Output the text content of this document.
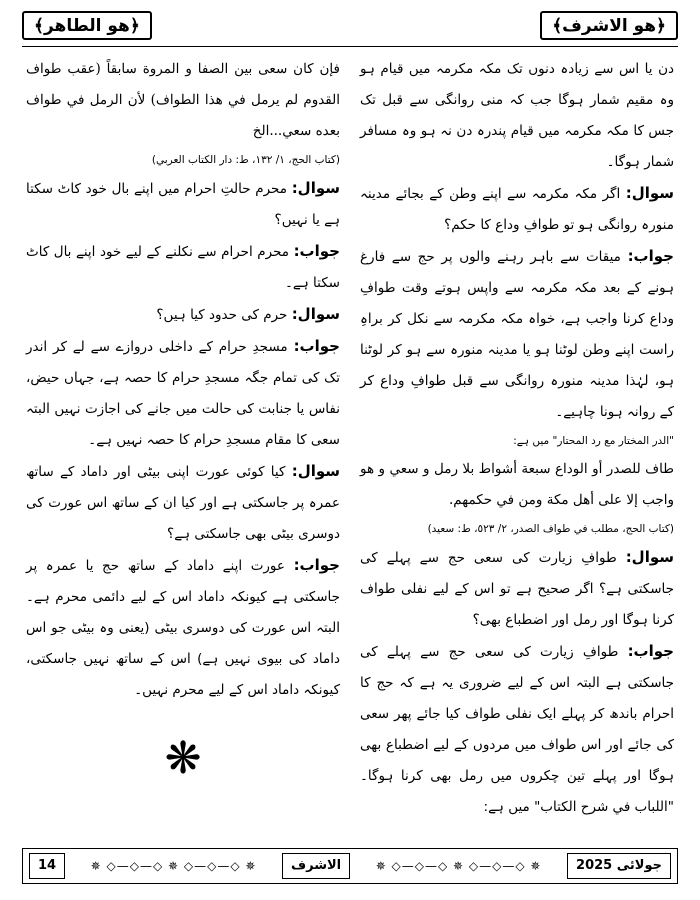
﴿هو الطاهر﴾	﴿هو الاشرف﴾

دن یا اس سے زیادہ دنوں تک مکہ مکرمہ میں قیام ہو وہ مقیم شمار ہوگا جب کہ منی روانگی سے قبل تک جس کا مکہ مکرمہ میں قیام پندرہ دن نہ ہو وہ مسافر شمار ہوگا۔

سوال: اگر مکہ مکرمہ سے اپنے وطن کے بجائے مدینہ منورہ روانگی ہو تو طوافِ وداع کا حکم؟

جواب: میقات سے باہر رہنے والوں پر حج سے فارغ ہونے کے بعد مکہ مکرمہ سے واپس ہوتے وقت طوافِ وداع کرنا واجب ہے، خواہ مکہ مکرمہ سے نکل کر براہِ راست اپنے وطن لوٹنا ہو یا مدینہ منورہ سے ہو کر لوٹنا ہو، لہٰذا مدینہ منورہ روانگی سے قبل طوافِ وداع کر کے روانہ ہونا چاہیے۔

"الدر المختار مع رد المحتار" میں ہے:

طاف للصدر أو الوداع سبعة أشواط بلا رمل و سعي و هو واجب إلا على أهل مكة ومن في حكمهم.

(کتاب الحج، مطلب في طواف الصدر، ٢/ ٥٢٣، ط: سعید)

سوال: طوافِ زیارت کی سعی حج سے پہلے کی جاسکتی ہے؟ اگر صحیح ہے تو اس کے لیے نفلی طواف کرنا ہوگا اور رمل اور اضطباع بھی؟

جواب: طوافِ زیارت کی سعی حج سے پہلے کی جاسکتی ہے البتہ اس کے لیے ضروری یہ ہے کہ حج کا احرام باندھ کر پہلے ایک نفلی طواف کیا جائے پھر سعی کی جائے اور اس طواف میں مردوں کے لیے اضطباع بھی ہوگا اور پہلے تین چکروں میں رمل بھی کرنا ہوگا۔ "اللباب في شرح الكتاب" میں ہے:

فإن كان سعى بين الصفا و المروة سابقاً (عقب طواف القدوم لم يرمل في هذا الطواف) لأن الرمل في طواف بعده سعي...الخ

(كتاب الحج، ١/ ١٣٢، ط: دار الكتاب العربي)

سوال: محرم حالتِ احرام میں اپنے بال خود کاٹ سکتا ہے یا نہیں؟

جواب: محرم احرام سے نکلنے کے لیے خود اپنے بال کاٹ سکتا ہے۔

سوال: حرم کی حدود کیا ہیں؟

جواب: مسجدِ حرام کے داخلی دروازے سے لے کر اندر تک کی تمام جگہ مسجدِ حرام کا حصہ ہے، جہاں حیض، نفاس یا جنابت کی حالت میں جانے کی اجازت نہیں البتہ سعی کا مقام مسجدِ حرام کا حصہ نہیں ہے۔

سوال: کیا کوئی عورت اپنی بیٹی اور داماد کے ساتھ عمرہ پر جاسکتی ہے اور کیا ان کے ساتھ اس عورت کی دوسری بیٹی بھی جاسکتی ہے؟

جواب: عورت اپنے داماد کے ساتھ حج یا عمرہ پر جاسکتی ہے کیونکہ داماد اس کے لیے دائمی محرم ہے۔ البتہ اس عورت کی دوسری بیٹی (یعنی وہ بیٹی جو اس داماد کی بیوی نہیں ہے) اس کے ساتھ نہیں جاسکتی، کیونکہ داماد اس کے لیے محرم نہیں۔

❋
14	✵ ◇—◇—◇ ✵ ◇—◇—◇ ✵	الاشرف	✵ ◇—◇—◇ ✵ ◇—◇—◇ ✵	جولائی 2025
